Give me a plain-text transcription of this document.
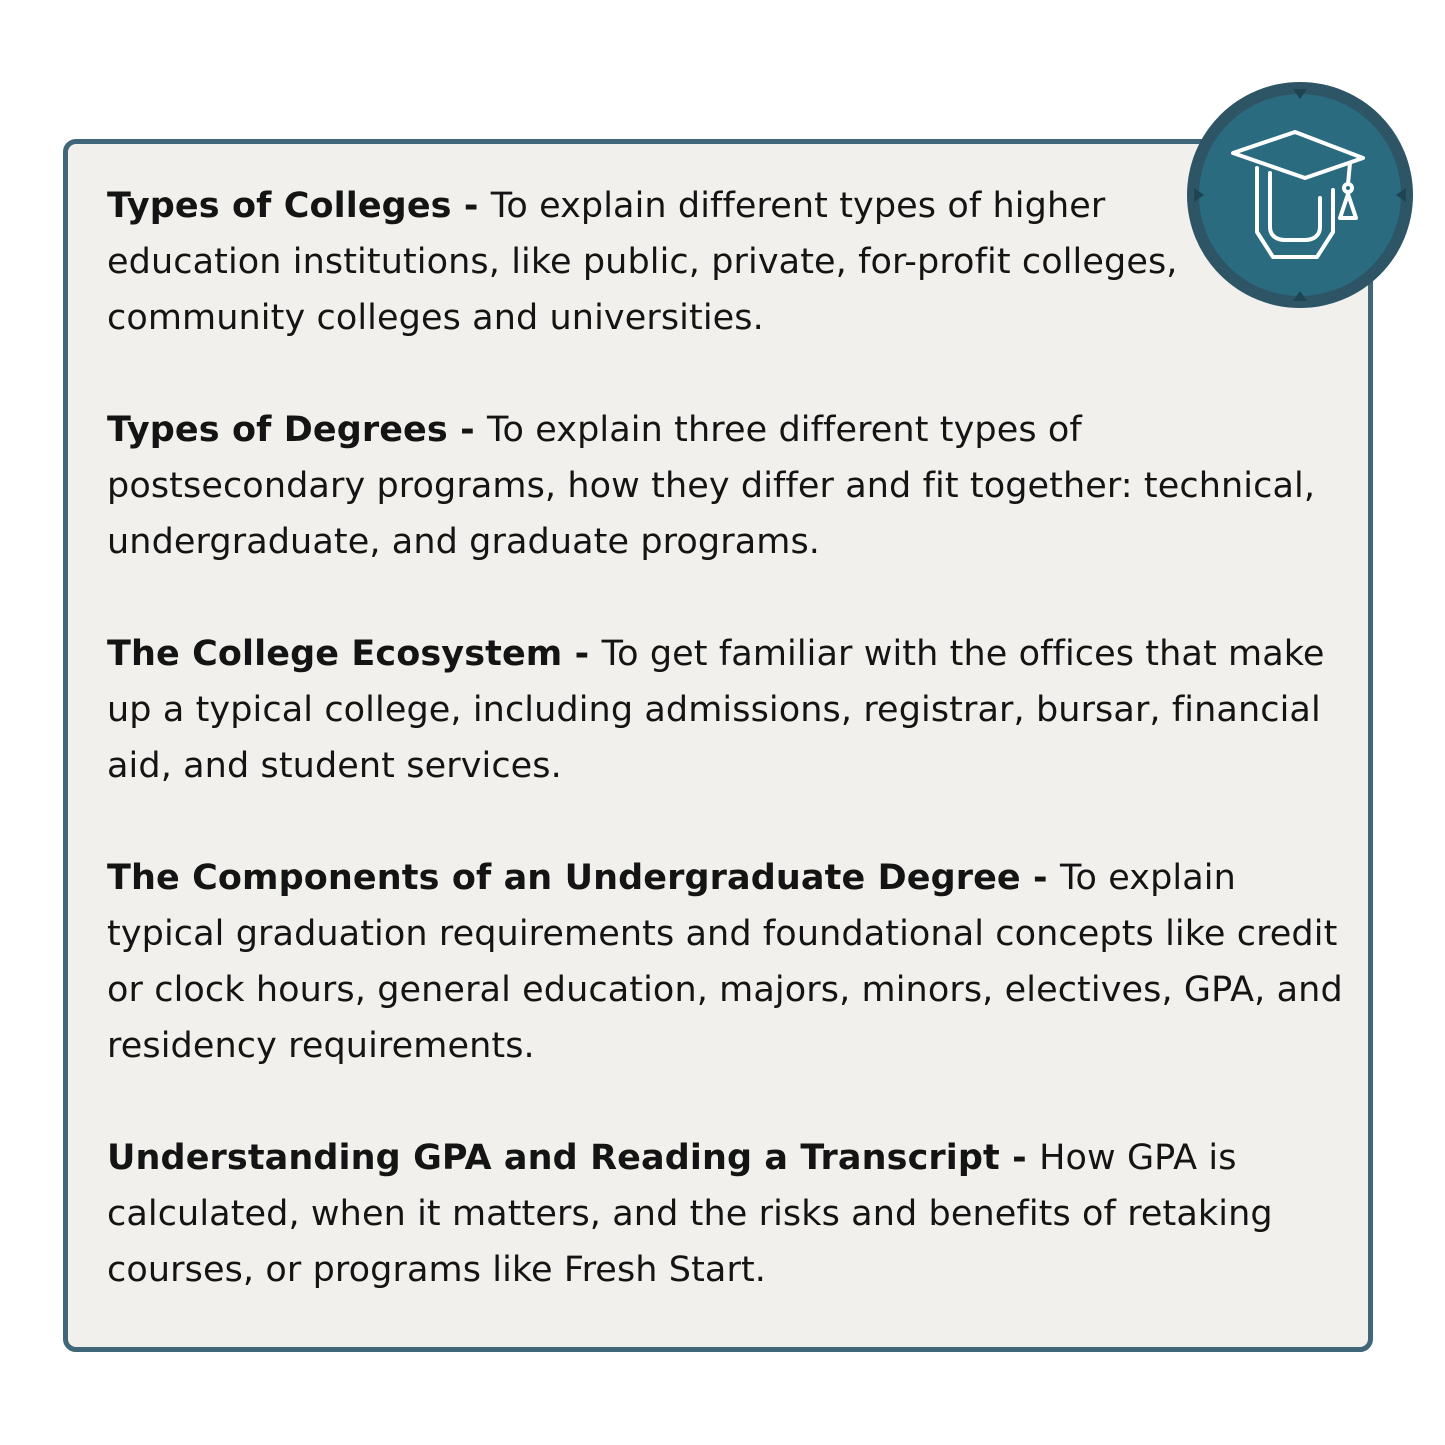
Types of Colleges - To explain different types of higher education institutions, like public, private, for-profit colleges, community colleges and universities.

Types of Degrees - To explain three different types of postsecondary programs, how they differ and fit together: technical, undergraduate, and graduate programs.

The College Ecosystem - To get familiar with the offices that make up a typical college, including admissions, registrar, bursar, financial aid, and student services.

The Components of an Undergraduate Degree - To explain typical graduation requirements and foundational concepts like credit or clock hours, general education, majors, minors, electives, GPA, and residency requirements.

Understanding GPA and Reading a Transcript - How GPA is calculated, when it matters, and the risks and benefits of retaking courses, or programs like Fresh Start.
